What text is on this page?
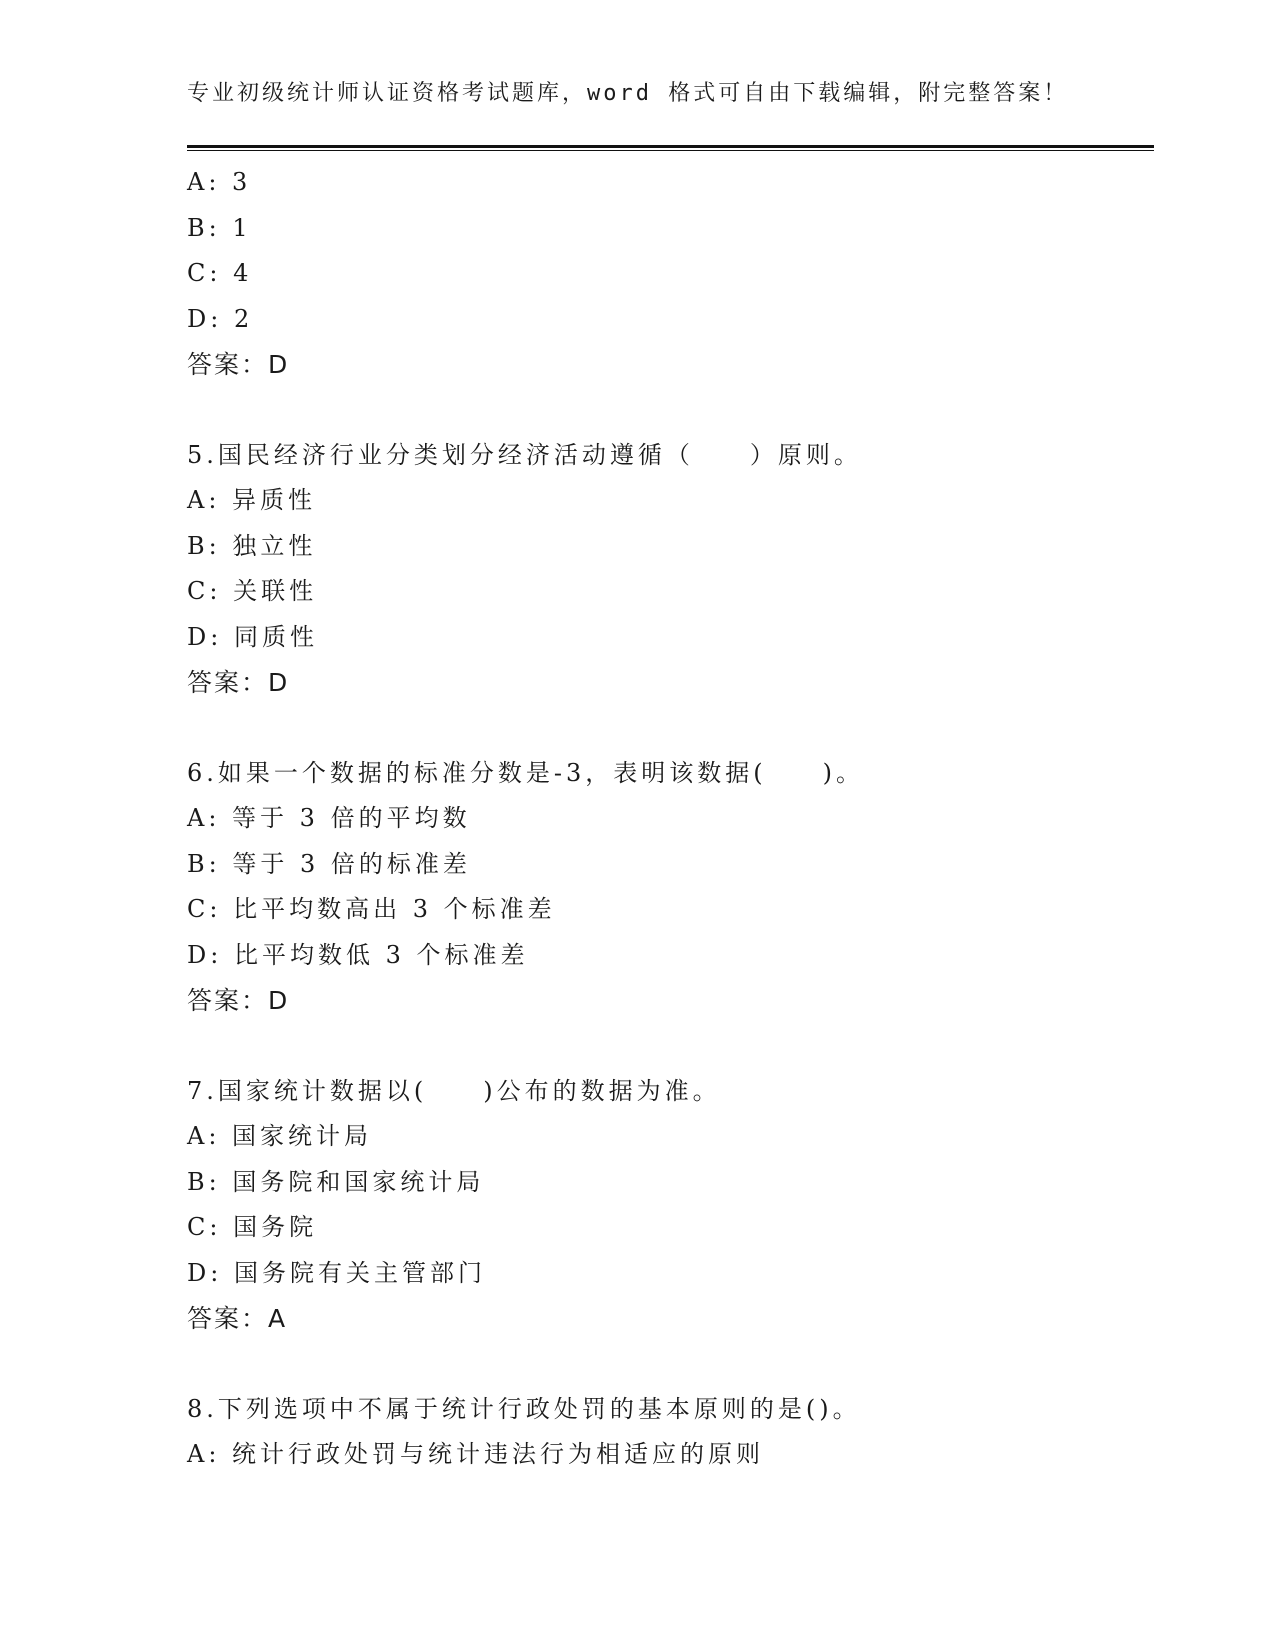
专业初级统计师认证资格考试题库，word 格式可自由下载编辑，附完整答案！
A: 3
B: 1
C: 4
D: 2
答案：D
5.国民经济行业分类划分经济活动遵循（　　）原则。
A: 异质性
B: 独立性
C: 关联性
D: 同质性
答案：D
6.如果一个数据的标准分数是-3，表明该数据(　　)。
A: 等于 3 倍的平均数
B: 等于 3 倍的标准差
C: 比平均数高出 3 个标准差
D: 比平均数低 3 个标准差
答案：D
7.国家统计数据以(　　)公布的数据为准。
A: 国家统计局
B: 国务院和国家统计局
C: 国务院
D: 国务院有关主管部门
答案：A
8.下列选项中不属于统计行政处罚的基本原则的是()。
A: 统计行政处罚与统计违法行为相适应的原则
